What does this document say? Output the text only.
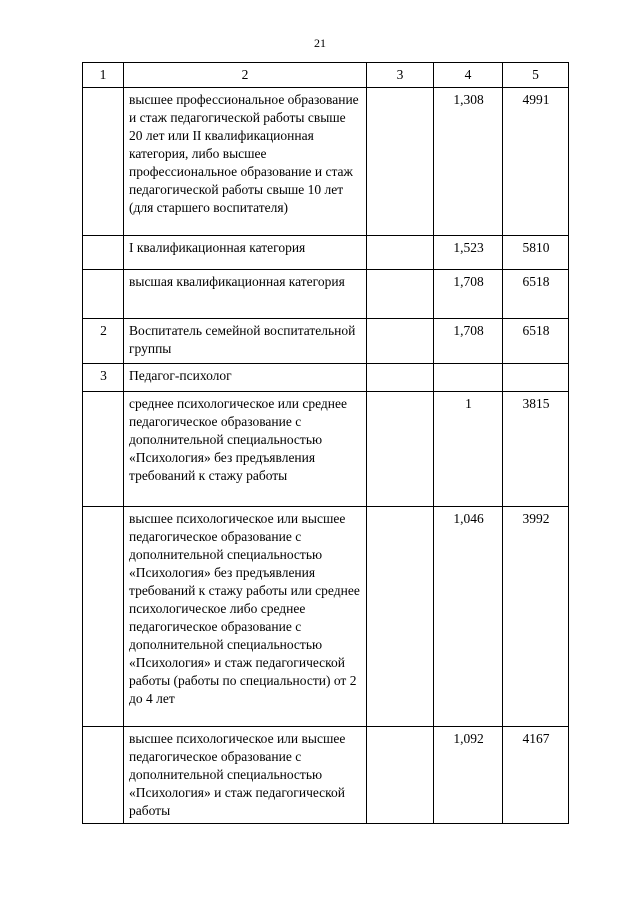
21
1	2	3	4	5
	высшее профессиональное образование и стаж педагогической работы свыше 20 лет или II квалификационная категория, либо высшее профессиональное образование и стаж педагогической работы свыше 10 лет (для старшего воспитателя)		1,308	4991
	I квалификационная категория		1,523	5810
	высшая квалификационная категория		1,708	6518
2	Воспитатель семейной воспитательной группы		1,708	6518
3	Педагог-психолог			
	среднее психологическое или среднее педагогическое образование с дополнительной специальностью «Психология» без предъявления требований к стажу работы		1	3815
	высшее психологическое или высшее педагогическое образование с дополнительной специальностью «Психология» без предъявления требований к стажу работы или среднее психологическое либо среднее педагогическое образование с дополнительной специальностью «Психология» и стаж педагогической работы (работы по специальности) от 2 до 4 лет		1,046	3992
	высшее психологическое или высшее педагогическое образование с дополнительной специальностью «Психология» и стаж педагогической работы		1,092	4167
